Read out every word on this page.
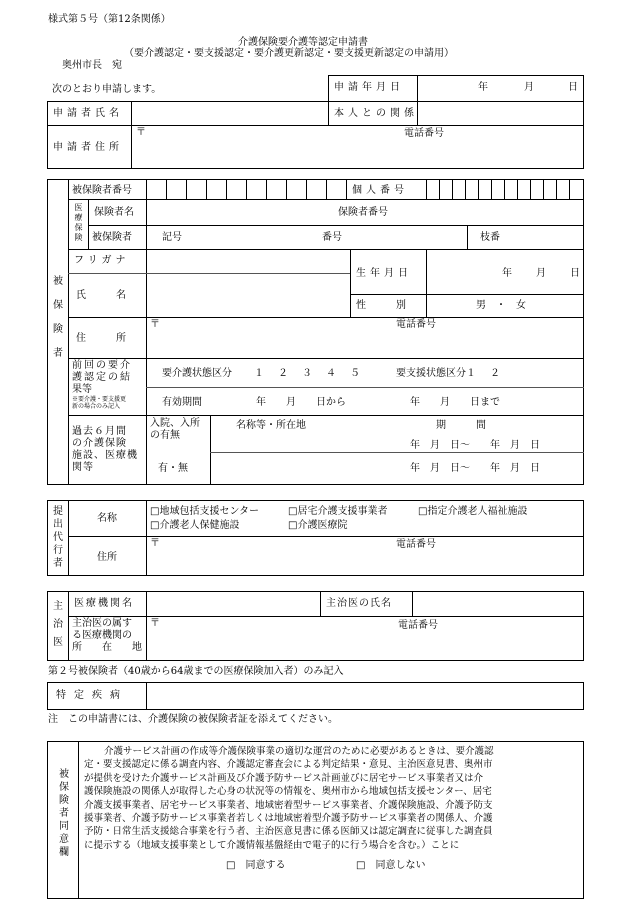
様式第５号（第12条関係）
介護保険要介護等認定申請書
（要介護認定・要支援認定・要介護更新認定・要支援更新認定の申請用）
奥州市長　宛
次のとおり申請します。	申請年月日	年	月	日
申請者氏名	本人との関係
申請者住所
〒	電話番号
被
保
険
者
被保険者番号	個人番号
医
療
保
険
保険者名	保険者番号
被保険者	記号	番号	枝番
フリガナ
氏　　　名
生年月日	年 月 日
性　　　別	男　・　女
住　　　所
〒	電話番号
前回の要介
護認定の結
果等
※要介護・要支援更
新の場合のみ記入
要介護状態区分 １　２　３　４　５	要支援状態区分 １　２
有効期間	年　　月　　日から	年　　月　　日まで
過去６月間
の介護保険
施設、医療機
関等
入院、入所
の有無
名称等・所在地	期　　　間
年　月　日～　　年　月　日
有・無	年　月　日～　　年　月　日
提
出
代
行
者
名称
□地域包括支援センター	□居宅介護支援事業者	□指定介護老人福祉施設
□介護老人保健施設	□介護医療院
住所
〒	電話番号
主
治
医
医療機関名	主治医の氏名
主治医の属す
る医療機関の
所　　在　　地
〒	電話番号
第２号被保険者（40歳から64歳までの医療保険加入者）のみ記入
特定疾病
注　この申請書には、介護保険の被保険者証を添えてください。
被
保
険
者
同
意
欄
介護サービス計画の作成等介護保険事業の適切な運営のために必要があるときは、要介護認
定・要支援認定に係る調査内容、介護認定審査会による判定結果・意見、主治医意見書、奥州市
が提供を受けた介護サービス計画及び介護予防サービス計画並びに居宅サービス事業者又は介
護保険施設の関係人が取得した心身の状況等の情報を、奥州市から地域包括支援センター、居宅
介護支援事業者、居宅サービス事業者、地域密着型サービス事業者、介護保険施設、介護予防支
援事業者、介護予防サービス事業者若しくは地域密着型介護予防サービス事業者の関係人、介護
予防・日常生活支援総合事業を行う者、主治医意見書に係る医師又は認定調査に従事した調査員
に提示する（地域支援事業として介護情報基盤経由で電子的に行う場合を含む。）ことに
□　同意する	□　同意しない
